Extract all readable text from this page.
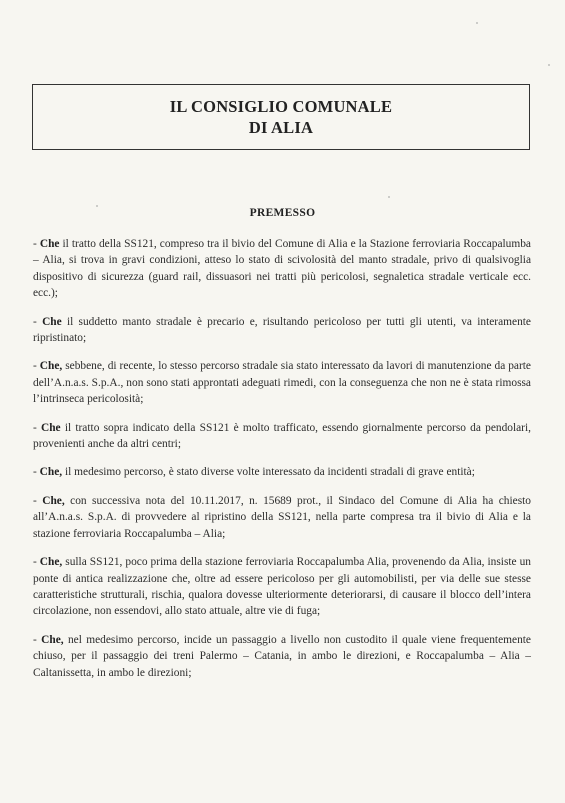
IL CONSIGLIO COMUNALE
DI ALIA
PREMESSO

- Che il tratto della SS121, compreso tra il bivio del Comune di Alia e la Stazione ferroviaria Roccapalumba – Alia, si trova in gravi condizioni, atteso lo stato di scivolosità del manto stradale, privo di qualsivoglia dispositivo di sicurezza (guard rail, dissuasori nei tratti più pericolosi, segnaletica stradale verticale ecc. ecc.);

- Che il suddetto manto stradale è precario e, risultando pericoloso per tutti gli utenti, va interamente ripristinato;

- Che, sebbene, di recente, lo stesso percorso stradale sia stato interessato da lavori di manutenzione da parte dell’A.n.a.s. S.p.A., non sono stati approntati adeguati rimedi, con la conseguenza che non ne è stata rimossa l’intrinseca pericolosità;

- Che il tratto sopra indicato della SS121 è molto trafficato, essendo giornalmente percorso da pendolari, provenienti anche da altri centri;

- Che, il medesimo percorso, è stato diverse volte interessato da incidenti stradali di grave entità;

- Che, con successiva nota del 10.11.2017, n. 15689 prot., il Sindaco del Comune di Alia ha chiesto all’A.n.a.s. S.p.A. di provvedere al ripristino della SS121, nella parte compresa tra il bivio di Alia e la stazione ferroviaria Roccapalumba – Alia;

- Che, sulla SS121, poco prima della stazione ferroviaria Roccapalumba Alia, provenendo da Alia, insiste un ponte di antica realizzazione che, oltre ad essere pericoloso per gli automobilisti, per via delle sue stesse caratteristiche strutturali, rischia, qualora dovesse ulteriormente deteriorarsi, di causare il blocco dell’intera circolazione, non essendovi, allo stato attuale, altre vie di fuga;

- Che, nel medesimo percorso, incide un passaggio a livello non custodito il quale viene frequentemente chiuso, per il passaggio dei treni Palermo – Catania, in ambo le direzioni, e Roccapalumba – Alia – Caltanissetta, in ambo le direzioni;
